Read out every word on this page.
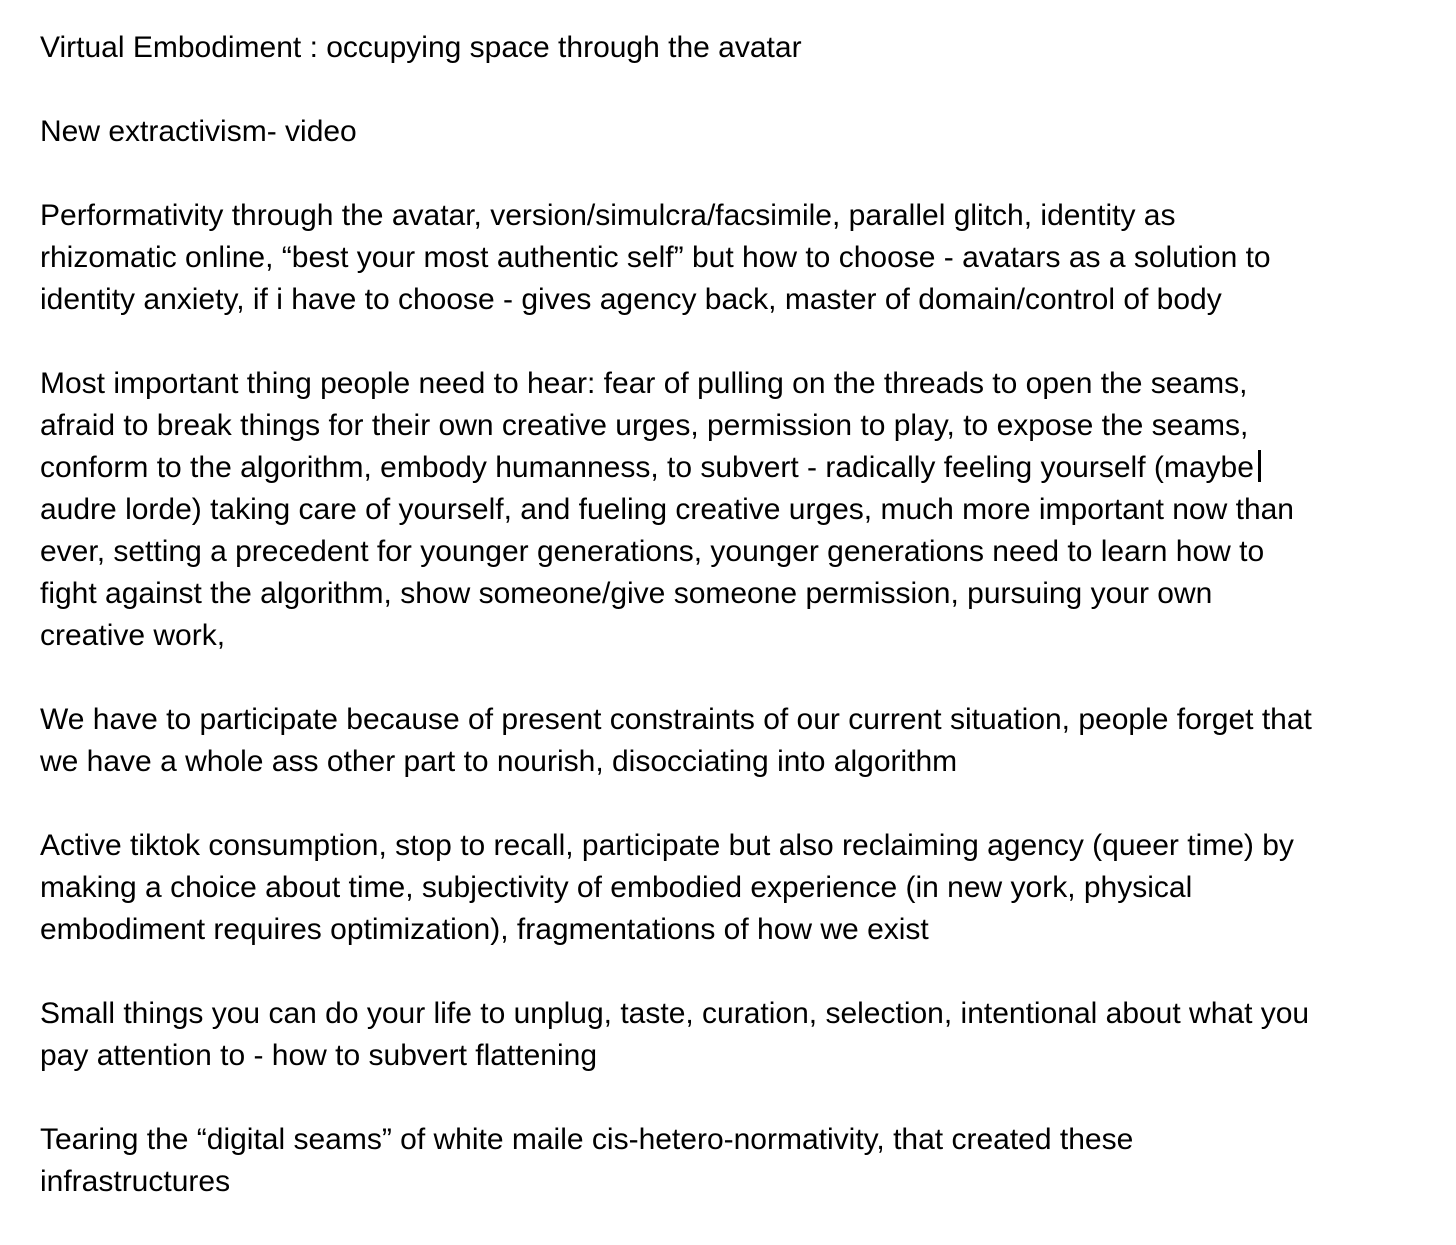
Virtual Embodiment : occupying space through the avatar

New extractivism- video

Performativity through the avatar, version/simulcra/facsimile, parallel glitch, identity as
rhizomatic online, “best your most authentic self” but how to choose - avatars as a solution to
identity anxiety, if i have to choose - gives agency back, master of domain/control of body

Most important thing people need to hear: fear of pulling on the threads to open the seams,
afraid to break things for their own creative urges, permission to play, to expose the seams,
conform to the algorithm, embody humanness, to subvert - radically feeling yourself (maybe
audre lorde) taking care of yourself, and fueling creative urges, much more important now than
ever, setting a precedent for younger generations, younger generations need to learn how to
fight against the algorithm, show someone/give someone permission, pursuing your own
creative work,

We have to participate because of present constraints of our current situation, people forget that
we have a whole ass other part to nourish, disocciating into algorithm

Active tiktok consumption, stop to recall, participate but also reclaiming agency (queer time) by
making a choice about time, subjectivity of embodied experience (in new york, physical
embodiment requires optimization), fragmentations of how we exist

Small things you can do your life to unplug, taste, curation, selection, intentional about what you
pay attention to - how to subvert flattening

Tearing the “digital seams” of white maile cis-hetero-normativity, that created these
infrastructures
